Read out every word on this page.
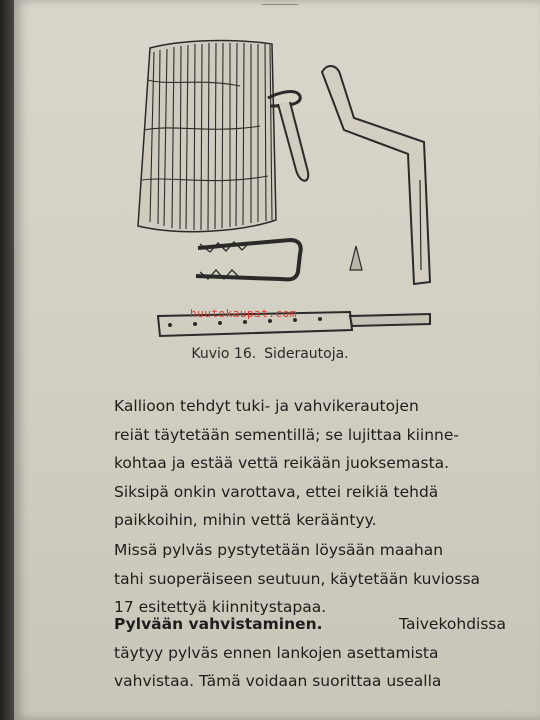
huutokaupat.com
Kuvio 16. Siderautoja.
Kallioon tehdyt tuki- ja vahvikerautojen
reiät täytetään sementillä; se lujittaa kiinne-
kohtaa ja estää vettä reikään juoksemasta.
Siksipä onkin varottava, ettei reikiä tehdä
paikkoihin, mihin vettä kerääntyy.
Missä pylväs pystytetään löysään maahan
tahi suoperäiseen seutuun, käytetään kuviossa
17 esitettyä kiinnitystapaa.
Pylvään vahvistaminen.	Taivekohdissa
täytyy pylväs ennen lankojen asettamista
vahvistaa. Tämä voidaan suorittaa usealla
